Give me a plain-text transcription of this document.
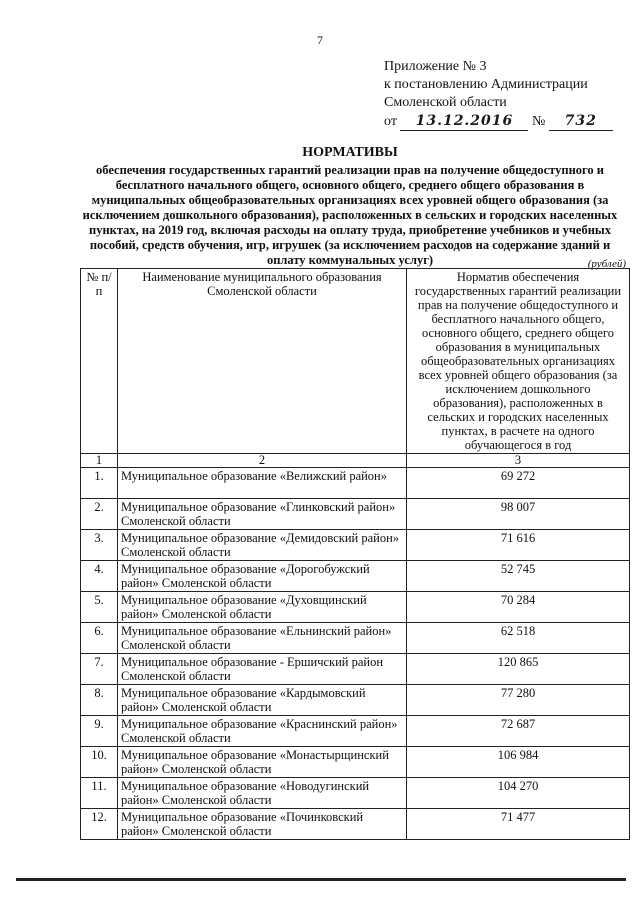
7
Приложение № 3
к постановлению Администрации
Смоленской области
от 13.12.2016 № 732
НОРМАТИВЫ
обеспечения государственных гарантий реализации прав на получение общедоступного и бесплатного начального общего, основного общего, среднего общего образования в муниципальных общеобразовательных организациях всех уровней общего образования (за исключением дошкольного образования), расположенных в сельских и городских населенных пунктах, на 2019 год, включая расходы на оплату труда, приобретение учебников и учебных пособий, средств обучения, игр, игрушек (за исключением расходов на содержание зданий и оплату коммунальных услуг)	(рублей)
№ п/п	Наименование муниципального образования Смоленской области	Норматив обеспечения государственных гарантий реализации прав на получение общедоступного и бесплатного начального общего, основного общего, среднего общего образования в муниципальных общеобразовательных организациях всех уровней общего образования (за исключением дошкольного образования), расположенных в сельских и городских населенных пунктах, в расчете на одного обучающегося в год
1	2	3
1.	Муниципальное образование «Велижский район»	69 272
2.	Муниципальное образование «Глинковский район» Смоленской области	98 007
3.	Муниципальное образование «Демидовский район» Смоленской области	71 616
4.	Муниципальное образование «Дорогобужский район» Смоленской области	52 745
5.	Муниципальное образование «Духовщинский район» Смоленской области	70 284
6.	Муниципальное образование «Ельнинский район» Смоленской области	62 518
7.	Муниципальное образование - Ершичский район Смоленской области	120 865
8.	Муниципальное образование «Кардымовский район» Смоленской области	77 280
9.	Муниципальное образование «Краснинский район» Смоленской области	72 687
10.	Муниципальное образование «Монастырщинский район» Смоленской области	106 984
11.	Муниципальное образование «Новодугинский район» Смоленской области	104 270
12.	Муниципальное образование «Починковский район» Смоленской области	71 477
